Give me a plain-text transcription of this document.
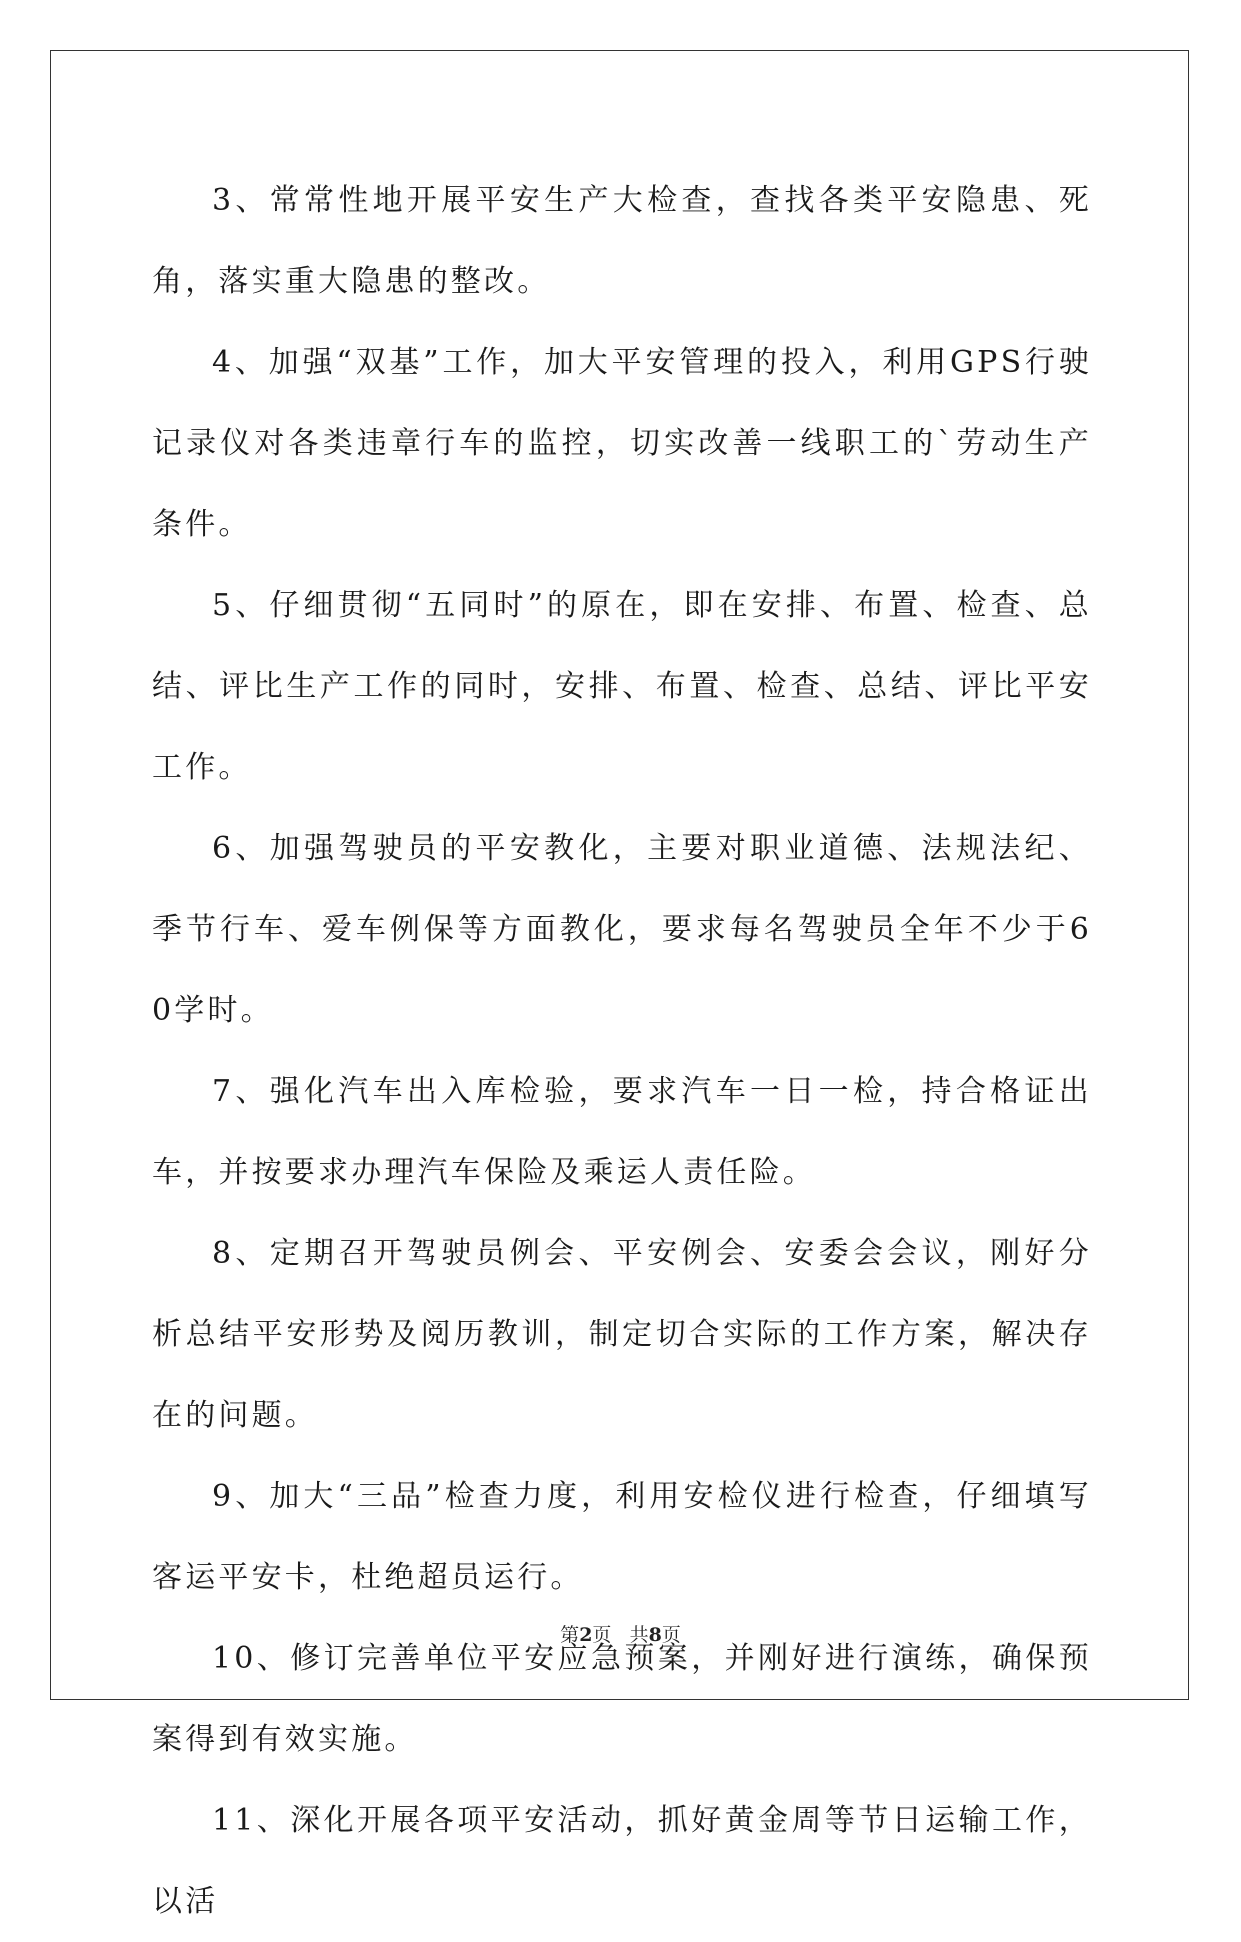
3、常常性地开展平安生产大检查，查找各类平安隐患、死角，落实重大隐患的整改。

4、加强“双基”工作，加大平安管理的投入，利用GPS行驶记录仪对各类违章行车的监控，切实改善一线职工的`劳动生产条件。

5、仔细贯彻“五同时”的原在，即在安排、布置、检查、总结、评比生产工作的同时，安排、布置、检查、总结、评比平安工作。

6、加强驾驶员的平安教化，主要对职业道德、法规法纪、季节行车、爱车例保等方面教化，要求每名驾驶员全年不少于60学时。

7、强化汽车出入库检验，要求汽车一日一检，持合格证出车，并按要求办理汽车保险及乘运人责任险。

8、定期召开驾驶员例会、平安例会、安委会会议，刚好分析总结平安形势及阅历教训，制定切合实际的工作方案，解决存在的问题。

9、加大“三品”检查力度，利用安检仪进行检查，仔细填写客运平安卡，杜绝超员运行。

10、修订完善单位平安应急预案，并刚好进行演练，确保预案得到有效实施。

11、深化开展各项平安活动，抓好黄金周等节日运输工作，以活

第2页 共8页
